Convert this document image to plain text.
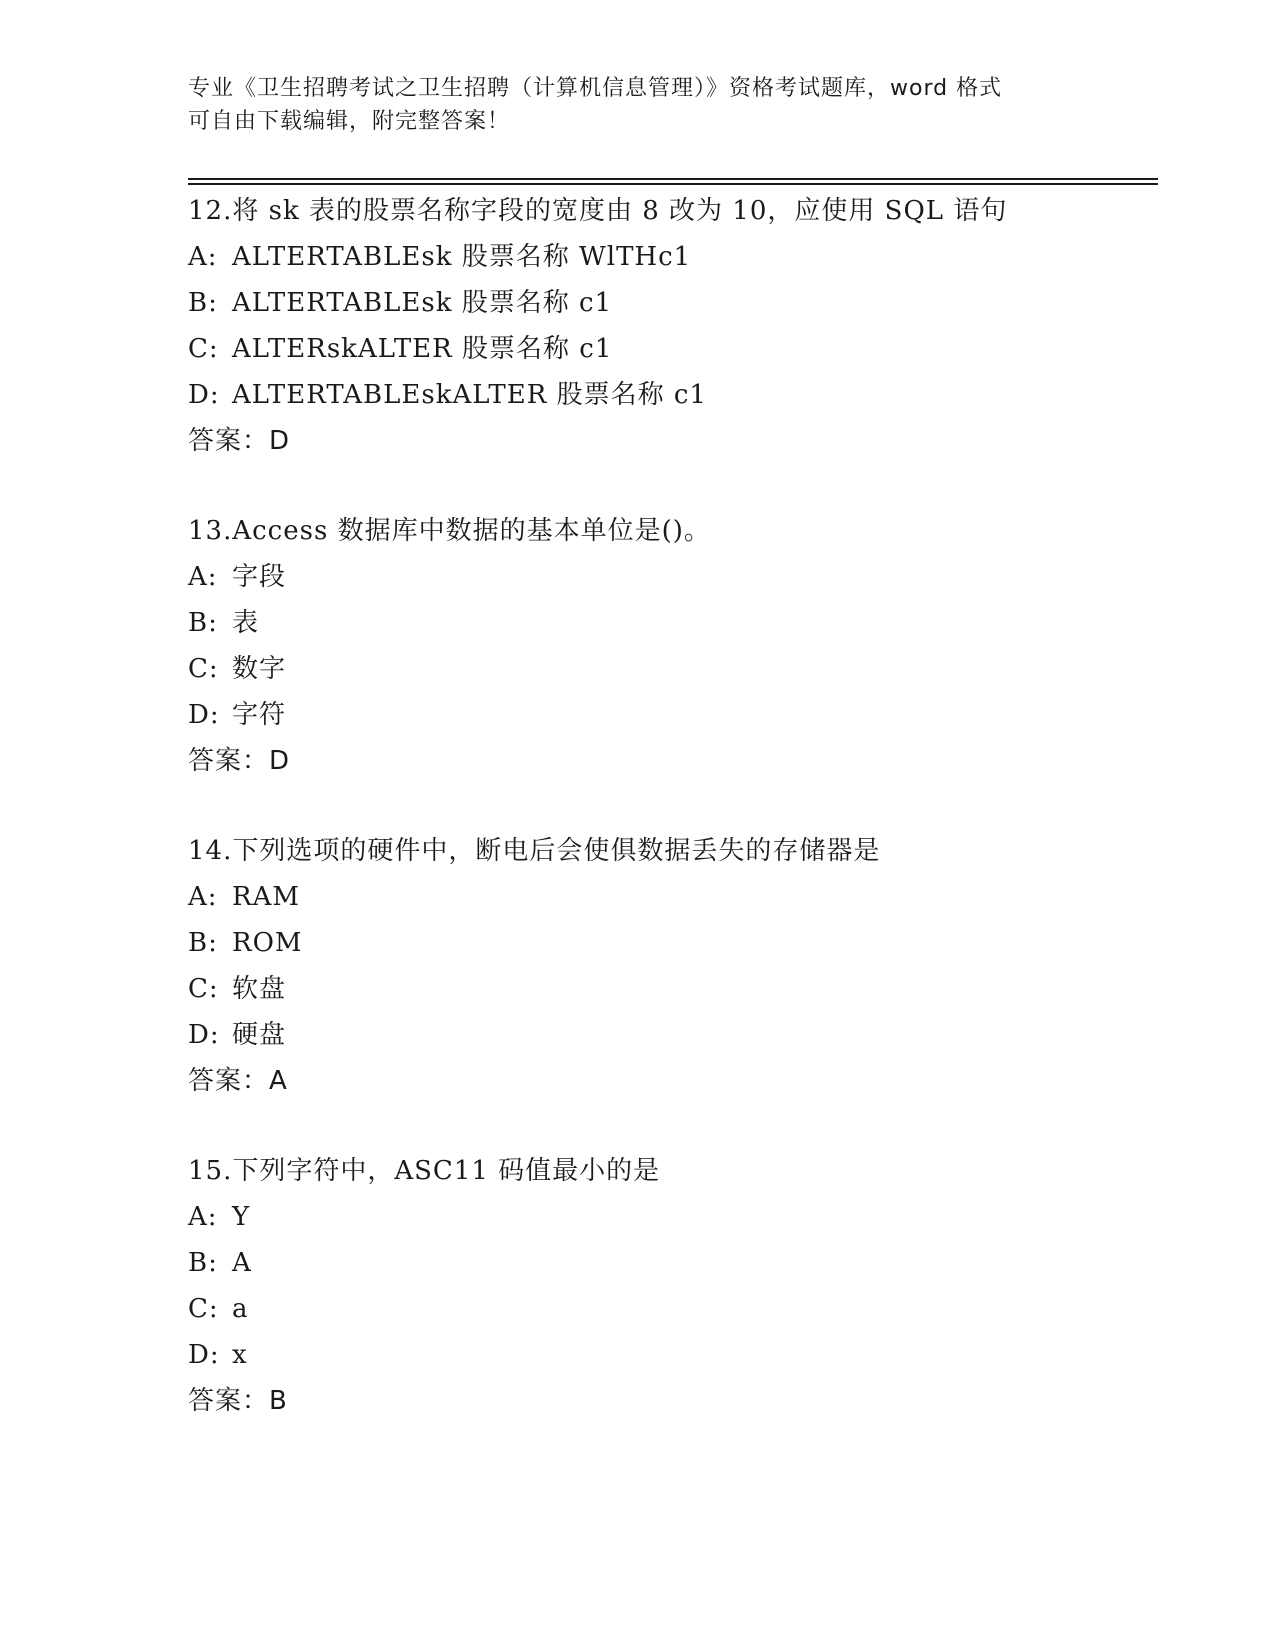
专业《卫生招聘考试之卫生招聘（计算机信息管理）》资格考试题库，word 格式
可自由下载编辑，附完整答案！
12.将 sk 表的股票名称字段的宽度由 8 改为 10，应使用 SQL 语句
A: ALTERTABLEsk 股票名称 WlTHc1
B: ALTERTABLEsk 股票名称 c1
C: ALTERskALTER 股票名称 c1
D: ALTERTABLEskALTER 股票名称 c1
答案：D
13.Access 数据库中数据的基本单位是()。
A: 字段
B: 表
C: 数字
D: 字符
答案：D
14.下列选项的硬件中，断电后会使俱数据丢失的存储器是
A: RAM
B: ROM
C: 软盘
D: 硬盘
答案：A
15.下列字符中，ASC11 码值最小的是
A: Y
B: A
C: a
D: x
答案：B
